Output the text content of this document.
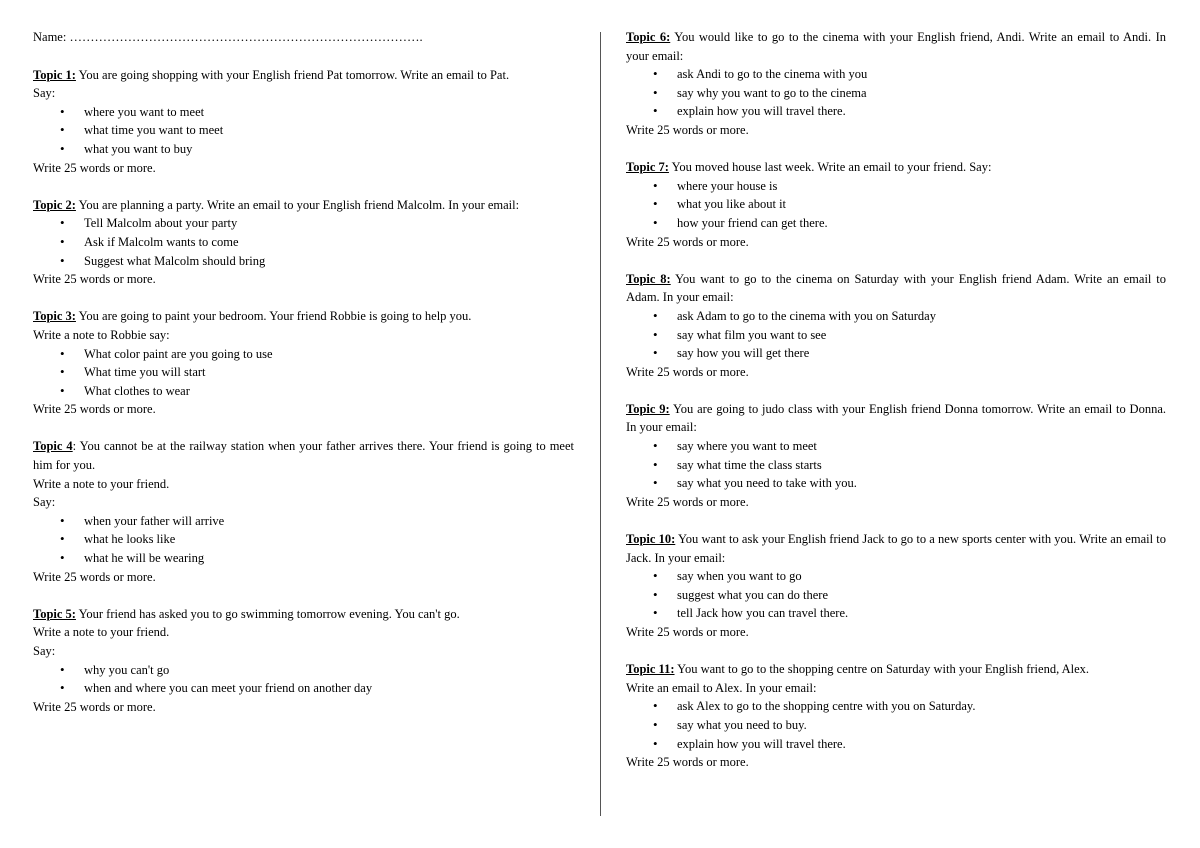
Name: ………………………………………………………………………….

Topic 1: You are going shopping with your English friend Pat tomorrow. Write an email to Pat.

Say:

• where you want to meet
• what time you want to meet
• what you want to buy

Write 25 words or more.

Topic 2: You are planning a party. Write an email to your English friend Malcolm. In your email:

• Tell Malcolm about your party
• Ask if Malcolm wants to come
• Suggest what Malcolm should bring

Write 25 words or more.

Topic 3: You are going to paint your bedroom. Your friend Robbie is going to help you.

Write a note to Robbie say:

• What color paint are you going to use
• What time you will start
• What clothes to wear

Write 25 words or more.

Topic 4: You cannot be at the railway station when your father arrives there. Your friend is going to meet him for you.

Write a note to your friend.

Say:

• when your father will arrive
• what he looks like
• what he will be wearing

Write 25 words or more.

Topic 5: Your friend has asked you to go swimming tomorrow evening. You can't go.

Write a note to your friend.

Say:

• why you can't go
• when and where you can meet your friend on another day

Write 25 words or more.

Topic 6: You would like to go to the cinema with your English friend, Andi. Write an email to Andi. In your email:

• ask Andi to go to the cinema with you
• say why you want to go to the cinema
• explain how you will travel there.

Write 25 words or more.

Topic 7: You moved house last week. Write an email to your friend. Say:

• where your house is
• what you like about it
• how your friend can get there.

Write 25 words or more.

Topic 8: You want to go to the cinema on Saturday with your English friend Adam. Write an email to Adam. In your email:

• ask Adam to go to the cinema with you on Saturday
• say what film you want to see
• say how you will get there

Write 25 words or more.

Topic 9: You are going to judo class with your English friend Donna tomorrow. Write an email to Donna. In your email:

• say where you want to meet
• say what time the class starts
• say what you need to take with you.

Write 25 words or more.

Topic 10: You want to ask your English friend Jack to go to a new sports center with you. Write an email to Jack. In your email:

• say when you want to go
• suggest what you can do there
• tell Jack how you can travel there.

Write 25 words or more.

Topic 11: You want to go to the shopping centre on Saturday with your English friend, Alex.

Write an email to Alex. In your email:

• ask Alex to go to the shopping centre with you on Saturday.
• say what you need to buy.
• explain how you will travel there.

Write 25 words or more.
